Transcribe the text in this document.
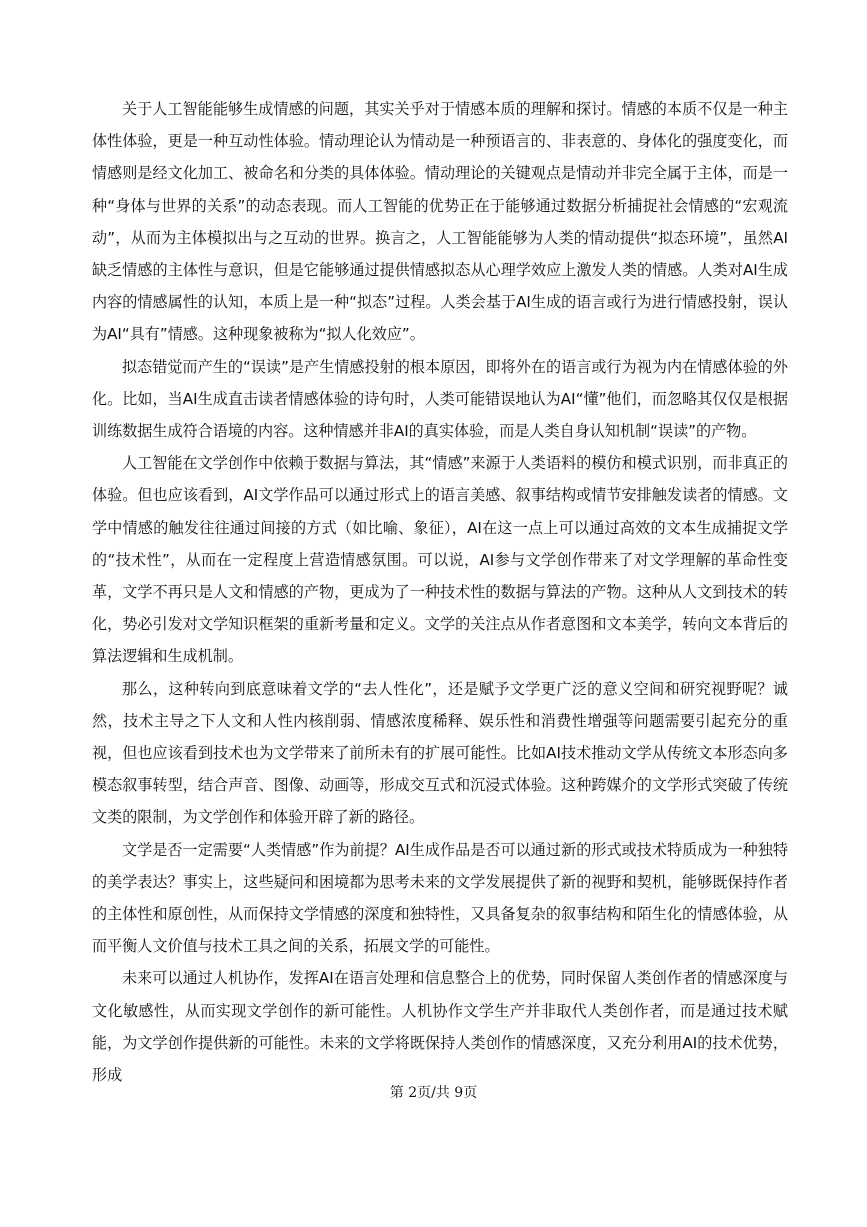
关于人工智能能够生成情感的问题，其实关乎对于情感本质的理解和探讨。情感的本质不仅是一种主体性体验，更是一种互动性体验。情动理论认为情动是一种预语言的、非表意的、身体化的强度变化，而情感则是经文化加工、被命名和分类的具体体验。情动理论的关键观点是情动并非完全属于主体，而是一种“身体与世界的关系”的动态表现。而人工智能的优势正在于能够通过数据分析捕捉社会情感的“宏观流动”，从而为主体模拟出与之互动的世界。换言之，人工智能能够为人类的情动提供“拟态环境”，虽然AI缺乏情感的主体性与意识，但是它能够通过提供情感拟态从心理学效应上激发人类的情感。人类对AI生成内容的情感属性的认知，本质上是一种“拟态”过程。人类会基于AI生成的语言或行为进行情感投射，误认为AI“具有”情感。这种现象被称为“拟人化效应”。

拟态错觉而产生的“误读”是产生情感投射的根本原因，即将外在的语言或行为视为内在情感体验的外化。比如，当AI生成直击读者情感体验的诗句时，人类可能错误地认为AI“懂”他们，而忽略其仅仅是根据训练数据生成符合语境的内容。这种情感并非AI的真实体验，而是人类自身认知机制“误读”的产物。

人工智能在文学创作中依赖于数据与算法，其“情感”来源于人类语料的模仿和模式识别，而非真正的体验。但也应该看到，AI文学作品可以通过形式上的语言美感、叙事结构或情节安排触发读者的情感。文学中情感的触发往往通过间接的方式（如比喻、象征），AI在这一点上可以通过高效的文本生成捕捉文学的“技术性”，从而在一定程度上营造情感氛围。可以说，AI参与文学创作带来了对文学理解的革命性变革，文学不再只是人文和情感的产物，更成为了一种技术性的数据与算法的产物。这种从人文到技术的转化，势必引发对文学知识框架的重新考量和定义。文学的关注点从作者意图和文本美学，转向文本背后的算法逻辑和生成机制。

那么，这种转向到底意味着文学的“去人性化”，还是赋予文学更广泛的意义空间和研究视野呢？诚然，技术主导之下人文和人性内核削弱、情感浓度稀释、娱乐性和消费性增强等问题需要引起充分的重视，但也应该看到技术也为文学带来了前所未有的扩展可能性。比如AI技术推动文学从传统文本形态向多模态叙事转型，结合声音、图像、动画等，形成交互式和沉浸式体验。这种跨媒介的文学形式突破了传统文类的限制，为文学创作和体验开辟了新的路径。

文学是否一定需要“人类情感”作为前提？AI生成作品是否可以通过新的形式或技术特质成为一种独特的美学表达？事实上，这些疑问和困境都为思考未来的文学发展提供了新的视野和契机，能够既保持作者的主体性和原创性，从而保持文学情感的深度和独特性，又具备复杂的叙事结构和陌生化的情感体验，从而平衡人文价值与技术工具之间的关系，拓展文学的可能性。

未来可以通过人机协作，发挥AI在语言处理和信息整合上的优势，同时保留人类创作者的情感深度与文化敏感性，从而实现文学创作的新可能性。人机协作文学生产并非取代人类创作者，而是通过技术赋能，为文学创作提供新的可能性。未来的文学将既保持人类创作的情感深度，又充分利用AI的技术优势，形成

第 2页/共 9页
